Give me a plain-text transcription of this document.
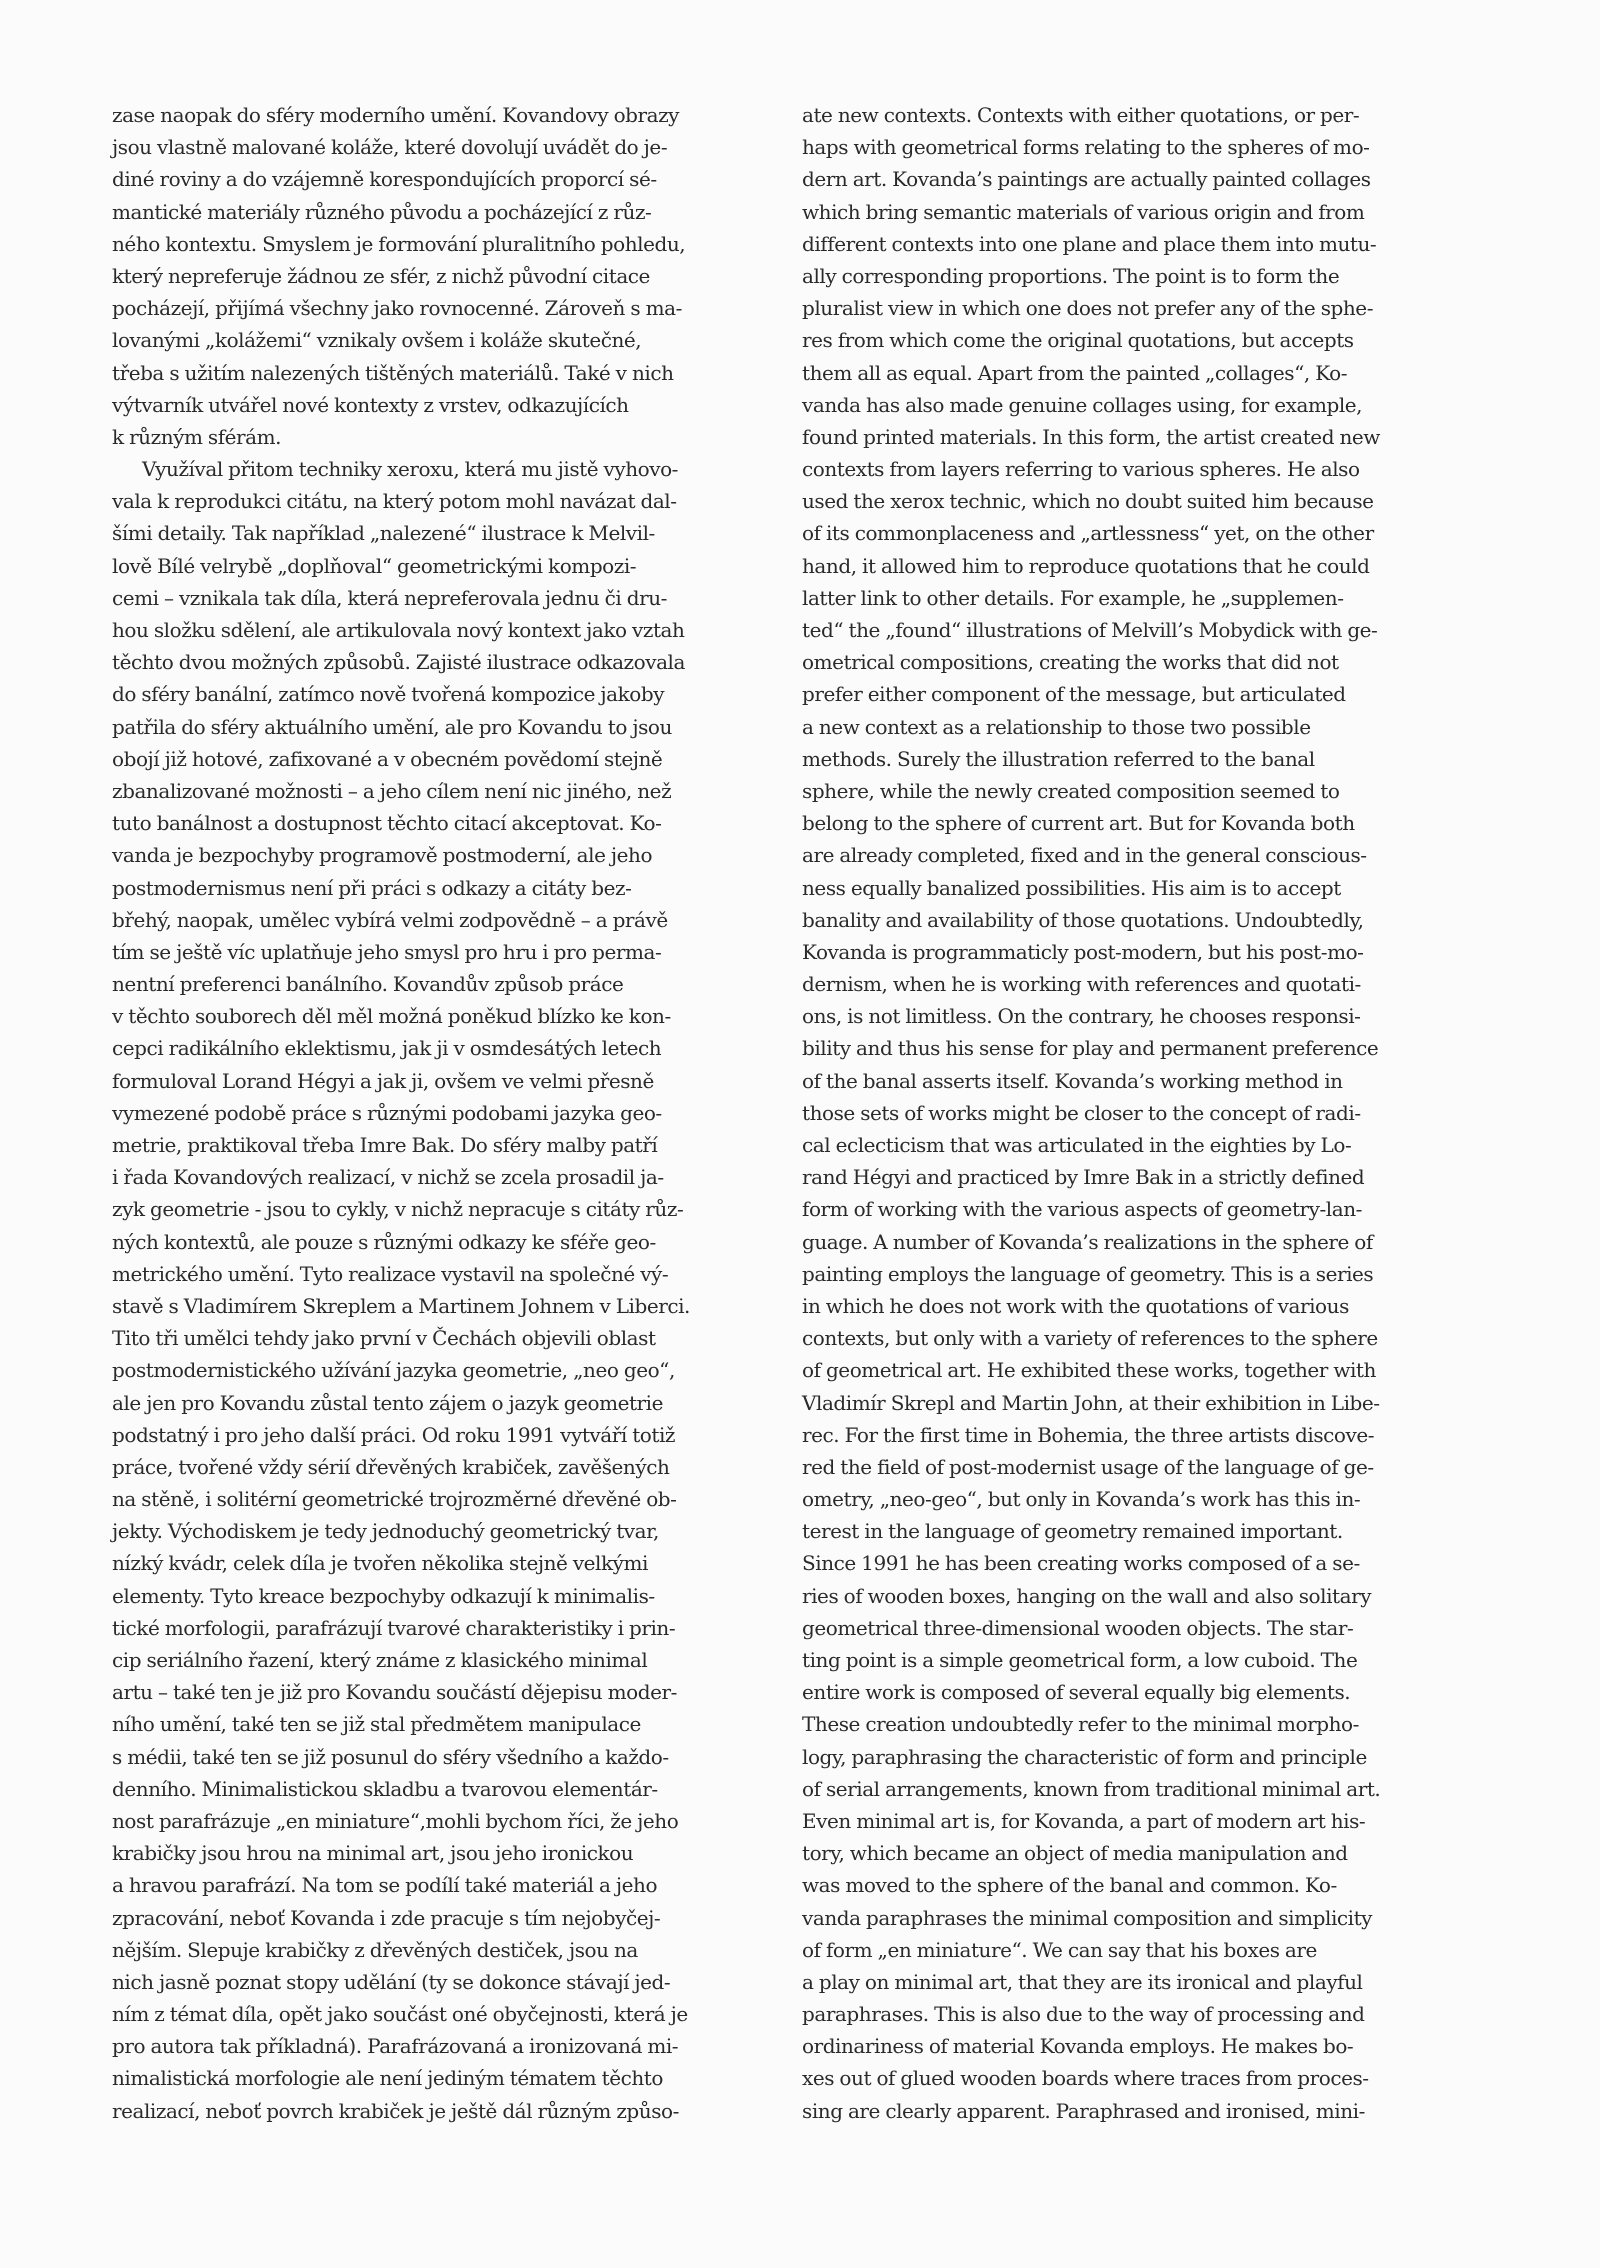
zase naopak do sféry moderního umění. Kovandovy obrazy
jsou vlastně malované koláže, které dovolují uvádět do je-
diné roviny a do vzájemně korespondujících proporcí sé-
mantické materiály různého původu a pocházející z růz-
ného kontextu. Smyslem je formování pluralitního pohledu,
který nepreferuje žádnou ze sfér, z nichž původní citace
pocházejí, přijímá všechny jako rovnocenné. Zároveň s ma-
lovanými „kolážemi“ vznikaly ovšem i koláže skutečné,
třeba s užitím nalezených tištěných materiálů. Také v nich
výtvarník utvářel nové kontexty z vrstev, odkazujících
k různým sférám.
Využíval přitom techniky xeroxu, která mu jistě vyhovo-
vala k reprodukci citátu, na který potom mohl navázat dal-
šími detaily. Tak například „nalezené“ ilustrace k Melvil-
lově Bílé velrybě „doplňoval“ geometrickými kompozi-
cemi – vznikala tak díla, která nepreferovala jednu či dru-
hou složku sdělení, ale artikulovala nový kontext jako vztah
těchto dvou možných způsobů. Zajisté ilustrace odkazovala
do sféry banální, zatímco nově tvořená kompozice jakoby
patřila do sféry aktuálního umění, ale pro Kovandu to jsou
obojí již hotové, zafixované a v obecném povědomí stejně
zbanalizované možnosti – a jeho cílem není nic jiného, než
tuto banálnost a dostupnost těchto citací akceptovat. Ko-
vanda je bezpochyby programově postmoderní, ale jeho
postmodernismus není při práci s odkazy a citáty bez-
břehý, naopak, umělec vybírá velmi zodpovědně – a právě
tím se ještě víc uplatňuje jeho smysl pro hru i pro perma-
nentní preferenci banálního. Kovandův způsob práce
v těchto souborech děl měl možná poněkud blízko ke kon-
cepci radikálního eklektismu, jak ji v osmdesátých letech
formuloval Lorand Hégyi a jak ji, ovšem ve velmi přesně
vymezené podobě práce s různými podobami jazyka geo-
metrie, praktikoval třeba Imre Bak. Do sféry malby patří
i řada Kovandových realizací, v nichž se zcela prosadil ja-
zyk geometrie - jsou to cykly, v nichž nepracuje s citáty růz-
ných kontextů, ale pouze s různými odkazy ke sféře geo-
metrického umění. Tyto realizace vystavil na společné vý-
stavě s Vladimírem Skreplem a Martinem Johnem v Liberci.
Tito tři umělci tehdy jako první v Čechách objevili oblast
postmodernistického užívání jazyka geometrie, „neo geo“,
ale jen pro Kovandu zůstal tento zájem o jazyk geometrie
podstatný i pro jeho další práci. Od roku 1991 vytváří totiž
práce, tvořené vždy sérií dřevěných krabiček, zavěšených
na stěně, i solitérní geometrické trojrozměrné dřevěné ob-
jekty. Východiskem je tedy jednoduchý geometrický tvar,
nízký kvádr, celek díla je tvořen několika stejně velkými
elementy. Tyto kreace bezpochyby odkazují k minimalis-
tické morfologii, parafrázují tvarové charakteristiky i prin-
cip seriálního řazení, který známe z klasického minimal
artu – také ten je již pro Kovandu součástí dějepisu moder-
ního umění, také ten se již stal předmětem manipulace
s médii, také ten se již posunul do sféry všedního a každo-
denního. Minimalistickou skladbu a tvarovou elementár-
nost parafrázuje „en miniature“,mohli bychom říci, že jeho
krabičky jsou hrou na minimal art, jsou jeho ironickou
a hravou parafrází. Na tom se podílí také materiál a jeho
zpracování, neboť Kovanda i zde pracuje s tím nejobyčej-
nějším. Slepuje krabičky z dřevěných destiček, jsou na
nich jasně poznat stopy udělání (ty se dokonce stávají jed-
ním z témat díla, opět jako součást oné obyčejnosti, která je
pro autora tak příkladná). Parafrázovaná a ironizovaná mi-
nimalistická morfologie ale není jediným tématem těchto
realizací, neboť povrch krabiček je ještě dál různým způso-
ate new contexts. Contexts with either quotations, or per-
haps with geometrical forms relating to the spheres of mo-
dern art. Kovanda’s paintings are actually painted collages
which bring semantic materials of various origin and from
different contexts into one plane and place them into mutu-
ally corresponding proportions. The point is to form the
pluralist view in which one does not prefer any of the sphe-
res from which come the original quotations, but accepts
them all as equal. Apart from the painted „collages“, Ko-
vanda has also made genuine collages using, for example,
found printed materials. In this form, the artist created new
contexts from layers referring to various spheres. He also
used the xerox technic, which no doubt suited him because
of its commonplaceness and „artlessness“ yet, on the other
hand, it allowed him to reproduce quotations that he could
latter link to other details. For example, he „supplemen-
ted“ the „found“ illustrations of Melvill’s Mobydick with ge-
ometrical compositions, creating the works that did not
prefer either component of the message, but articulated
a new context as a relationship to those two possible
methods. Surely the illustration referred to the banal
sphere, while the newly created composition seemed to
belong to the sphere of current art. But for Kovanda both
are already completed, fixed and in the general conscious-
ness equally banalized possibilities. His aim is to accept
banality and availability of those quotations. Undoubtedly,
Kovanda is programmaticly post-modern, but his post-mo-
dernism, when he is working with references and quotati-
ons, is not limitless. On the contrary, he chooses responsi-
bility and thus his sense for play and permanent preference
of the banal asserts itself. Kovanda’s working method in
those sets of works might be closer to the concept of radi-
cal eclecticism that was articulated in the eighties by Lo-
rand Hégyi and practiced by Imre Bak in a strictly defined
form of working with the various aspects of geometry-lan-
guage. A number of Kovanda’s realizations in the sphere of
painting employs the language of geometry. This is a series
in which he does not work with the quotations of various
contexts, but only with a variety of references to the sphere
of geometrical art. He exhibited these works, together with
Vladimír Skrepl and Martin John, at their exhibition in Libe-
rec. For the first time in Bohemia, the three artists discove-
red the field of post-modernist usage of the language of ge-
ometry, „neo-geo“, but only in Kovanda’s work has this in-
terest in the language of geometry remained important.
Since 1991 he has been creating works composed of a se-
ries of wooden boxes, hanging on the wall and also solitary
geometrical three-dimensional wooden objects. The star-
ting point is a simple geometrical form, a low cuboid. The
entire work is composed of several equally big elements.
These creation undoubtedly refer to the minimal morpho-
logy, paraphrasing the characteristic of form and principle
of serial arrangements, known from traditional minimal art.
Even minimal art is, for Kovanda, a part of modern art his-
tory, which became an object of media manipulation and
was moved to the sphere of the banal and common. Ko-
vanda paraphrases the minimal composition and simplicity
of form „en miniature“. We can say that his boxes are
a play on minimal art, that they are its ironical and playful
paraphrases. This is also due to the way of processing and
ordinariness of material Kovanda employs. He makes bo-
xes out of glued wooden boards where traces from proces-
sing are clearly apparent. Paraphrased and ironised, mini-
